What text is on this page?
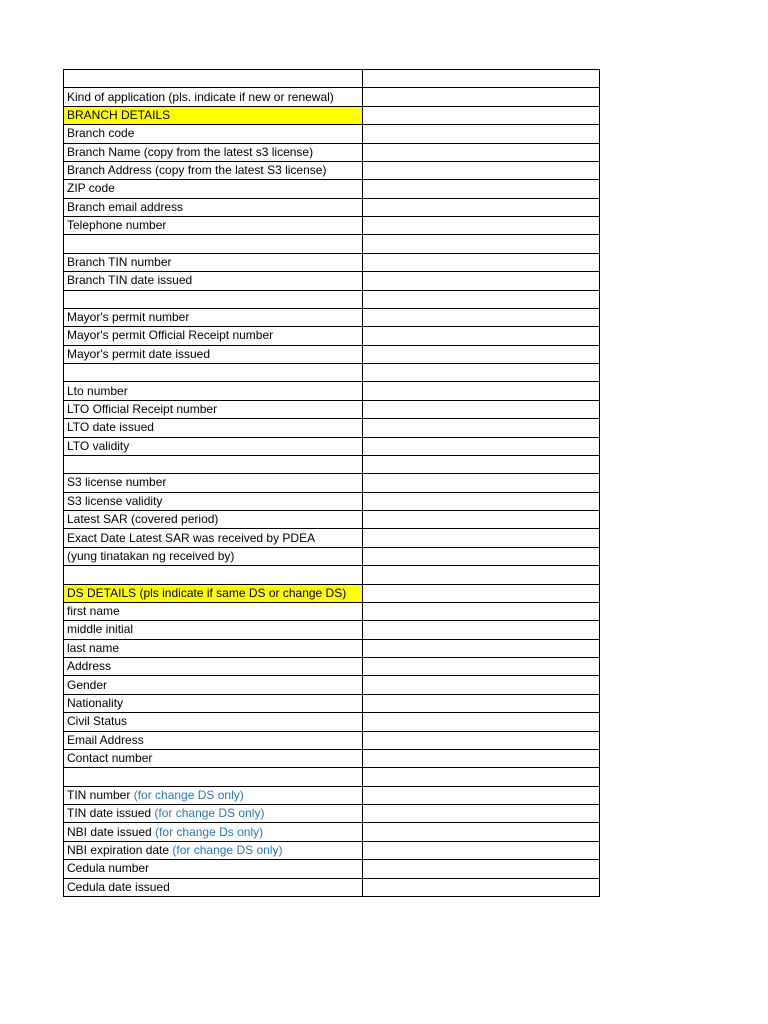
Kind of application (pls. indicate if new or renewal)	
BRANCH DETAILS	
Branch code	
Branch Name (copy from the latest s3 license)	
Branch Address (copy from the latest S3 license)	
ZIP code	
Branch email address	
Telephone number	

Branch TIN number	
Branch TIN date issued	

Mayor's permit number	
Mayor's permit Official Receipt number	
Mayor's permit date issued	

Lto number	
LTO Official Receipt number	
LTO date issued	
LTO validity	

S3 license number	
S3 license validity	
Latest SAR (covered period)	
Exact Date Latest SAR was received by PDEA	
(yung tinatakan ng received by)	

DS DETAILS (pls indicate if same DS or change DS)	
first name	
middle initial	
last name	
Address	
Gender	
Nationality	
Civil Status	
Email Address	
Contact number	

TIN number (for change DS only)	
TIN date issued (for change DS only)	
NBI date issued (for change Ds only)	
NBI expiration date (for change DS only)	
Cedula number	
Cedula date issued	
